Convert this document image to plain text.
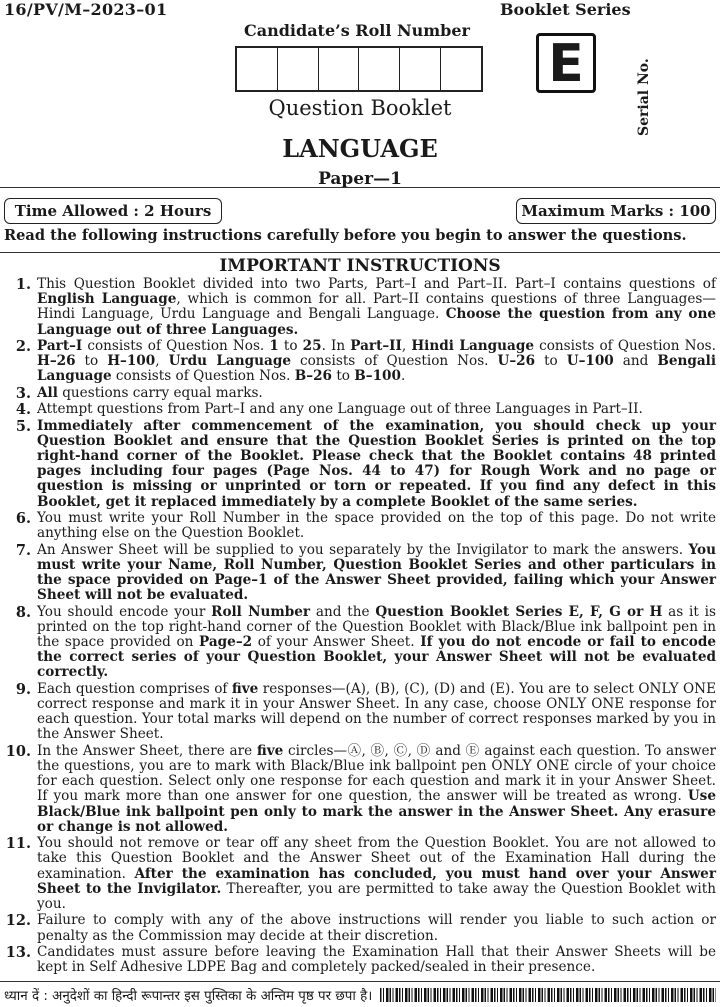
16/PV/M–2023–01	Booklet Series
Candidate’s Roll Number
E	Serial No.
Question Booklet
LANGUAGE
Paper—1
Time Allowed : 2 Hours	Maximum Marks : 100
Read the following instructions carefully before you begin to answer the questions.
IMPORTANT INSTRUCTIONS
1. This Question Booklet divided into two Parts, Part–I and Part–II. Part–I contains questions of English Language, which is common for all. Part–II contains questions of three Languages—Hindi Language, Urdu Language and Bengali Language. Choose the question from any one Language out of three Languages.
2. Part–I consists of Question Nos. 1 to 25. In Part–II, Hindi Language consists of Question Nos. H–26 to H–100, Urdu Language consists of Question Nos. U–26 to U–100 and Bengali Language consists of Question Nos. B–26 to B–100.
3. All questions carry equal marks.
4. Attempt questions from Part–I and any one Language out of three Languages in Part–II.
5. Immediately after commencement of the examination, you should check up your Question Booklet and ensure that the Question Booklet Series is printed on the top right-hand corner of the Booklet. Please check that the Booklet contains 48 printed pages including four pages (Page Nos. 44 to 47) for Rough Work and no page or question is missing or unprinted or torn or repeated. If you find any defect in this Booklet, get it replaced immediately by a complete Booklet of the same series.
6. You must write your Roll Number in the space provided on the top of this page. Do not write anything else on the Question Booklet.
7. An Answer Sheet will be supplied to you separately by the Invigilator to mark the answers. You must write your Name, Roll Number, Question Booklet Series and other particulars in the space provided on Page–1 of the Answer Sheet provided, failing which your Answer Sheet will not be evaluated.
8. You should encode your Roll Number and the Question Booklet Series E, F, G or H as it is printed on the top right-hand corner of the Question Booklet with Black/Blue ink ballpoint pen in the space provided on Page–2 of your Answer Sheet. If you do not encode or fail to encode the correct series of your Question Booklet, your Answer Sheet will not be evaluated correctly.
9. Each question comprises of five responses—(A), (B), (C), (D) and (E). You are to select ONLY ONE correct response and mark it in your Answer Sheet. In any case, choose ONLY ONE response for each question. Your total marks will depend on the number of correct responses marked by you in the Answer Sheet.
10. In the Answer Sheet, there are five circles—Ⓐ, Ⓑ, Ⓒ, Ⓓ and Ⓔ against each question. To answer the questions, you are to mark with Black/Blue ink ballpoint pen ONLY ONE circle of your choice for each question. Select only one response for each question and mark it in your Answer Sheet. If you mark more than one answer for one question, the answer will be treated as wrong. Use Black/Blue ink ballpoint pen only to mark the answer in the Answer Sheet. Any erasure or change is not allowed.
11. You should not remove or tear off any sheet from the Question Booklet. You are not allowed to take this Question Booklet and the Answer Sheet out of the Examination Hall during the examination. After the examination has concluded, you must hand over your Answer Sheet to the Invigilator. Thereafter, you are permitted to take away the Question Booklet with you.
12. Failure to comply with any of the above instructions will render you liable to such action or penalty as the Commission may decide at their discretion.
13. Candidates must assure before leaving the Examination Hall that their Answer Sheets will be kept in Self Adhesive LDPE Bag and completely packed/sealed in their presence.
ध्यान दें : अनुदेशों का हिन्दी रूपान्तर इस पुस्तिका के अन्तिम पृष्ठ पर छपा है।
